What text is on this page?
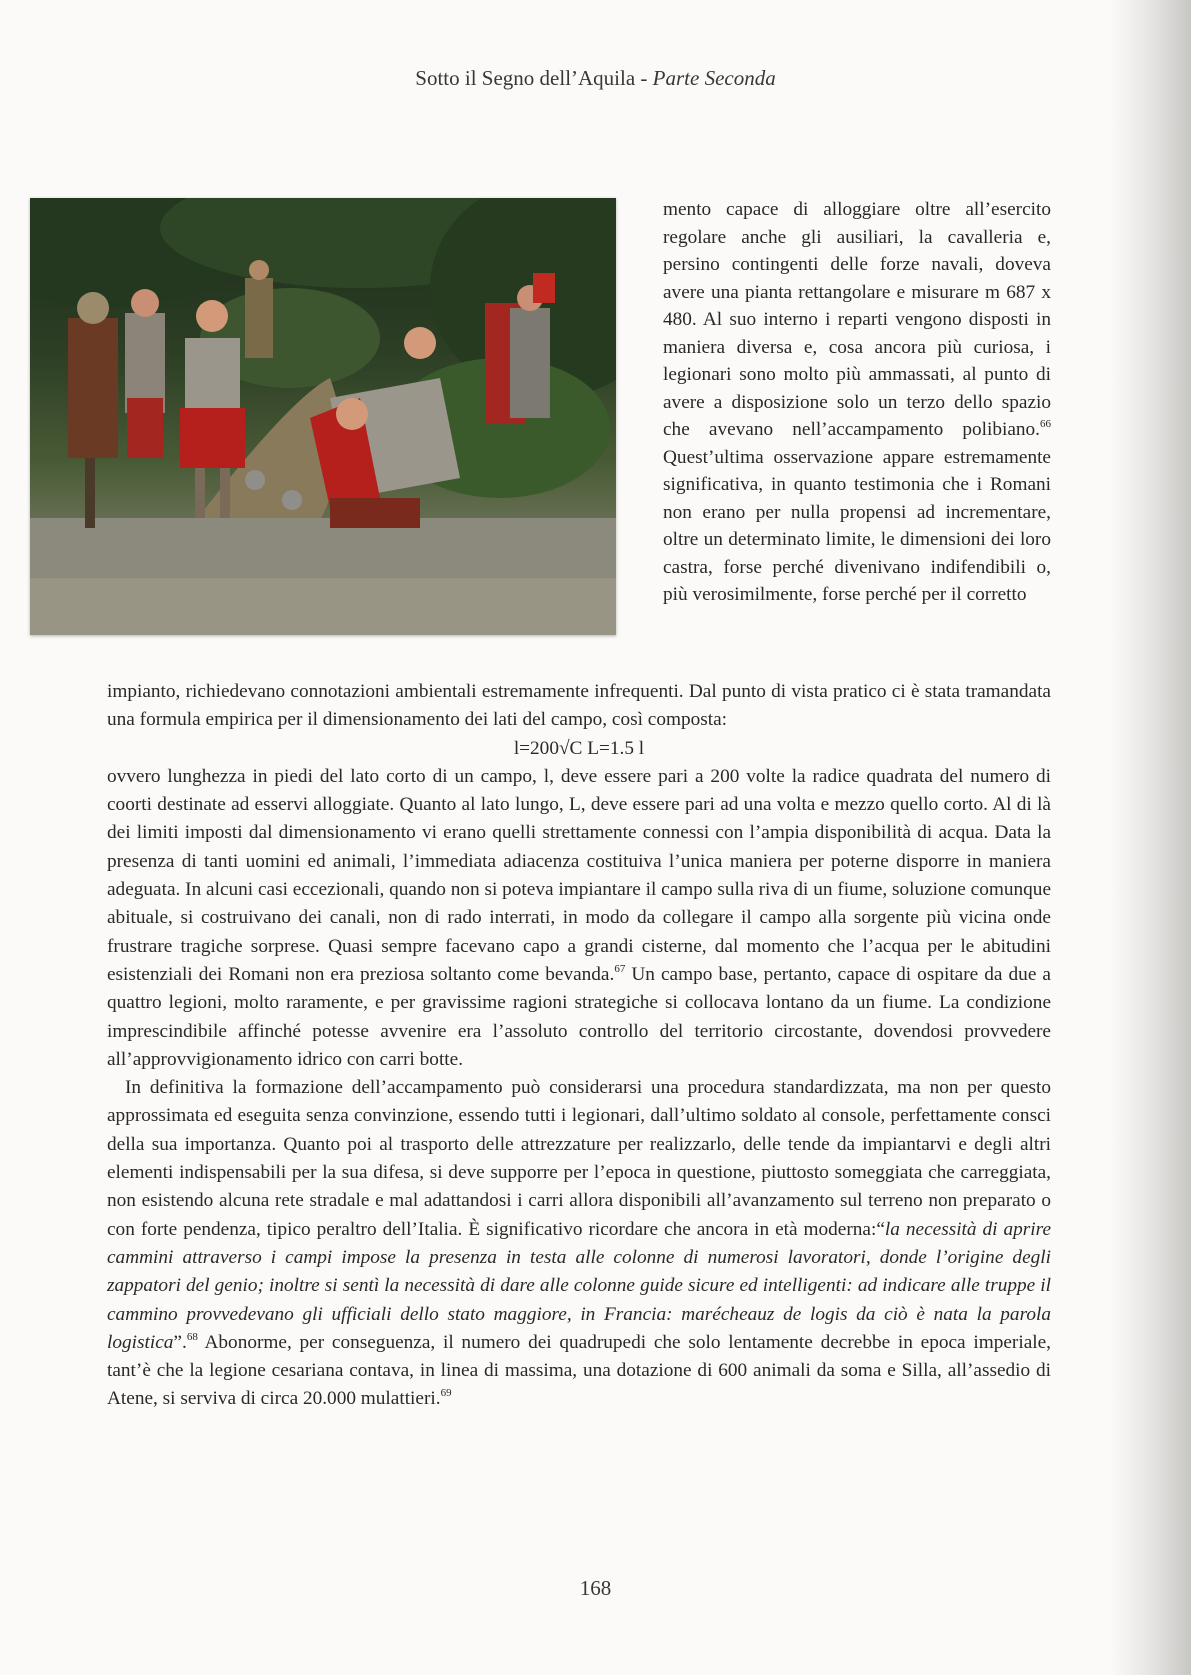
Sotto il Segno dell’Aquila - Parte Seconda
mento capace di alloggiare oltre all’esercito regolare anche gli ausiliari, la cavalleria e, persino contingenti delle forze navali, doveva avere una pianta rettangolare e misurare m 687 x 480. Al suo interno i reparti vengono disposti in maniera diversa e, cosa ancora più curiosa, i legionari sono molto più ammassati, al punto di avere a disposizione solo un terzo dello spazio che avevano nell’accampamento polibiano.$^{66}$ Quest’ultima osservazione appare estremamente significativa, in quanto testimonia che i Romani non erano per nulla propensi ad incrementare, oltre un determinato limite, le dimensioni dei loro castra, forse perché divenivano indifendibili o, più verosimilmente, forse perché per il corretto

impianto, richiedevano connotazioni ambientali estremamente infrequenti. Dal punto di vista pratico ci è stata tramandata una formula empirica per il dimensionamento dei lati del campo, così composta:

l=200√C L=1.5 l

ovvero lunghezza in piedi del lato corto di un campo, l, deve essere pari a 200 volte la radice quadrata del numero di coorti destinate ad esservi alloggiate. Quanto al lato lungo, L, deve essere pari ad una volta e mezzo quello corto. Al di là dei limiti imposti dal dimensionamento vi erano quelli strettamente connessi con l’ampia disponibilità di acqua. Data la presenza di tanti uomini ed animali, l’immediata adiacenza costituiva l’unica maniera per poterne disporre in maniera adeguata. In alcuni casi eccezionali, quando non si poteva impiantare il campo sulla riva di un fiume, soluzione comunque abituale, si costruivano dei canali, non di rado interrati, in modo da collegare il campo alla sorgente più vicina onde frustrare tragiche sorprese. Quasi sempre facevano capo a grandi cisterne, dal momento che l’acqua per le abitudini esistenziali dei Romani non era preziosa soltanto come bevanda.$^{67}$ Un campo base, pertanto, capace di ospitare da due a quattro legioni, molto raramente, e per gravissime ragioni strategiche si collocava lontano da un fiume. La condizione imprescindibile affinché potesse avvenire era l’assoluto controllo del territorio circostante, dovendosi provvedere all’approvvigionamento idrico con carri botte.

In definitiva la formazione dell’accampamento può considerarsi una procedura standardizzata, ma non per questo approssimata ed eseguita senza convinzione, essendo tutti i legionari, dall’ultimo soldato al console, perfettamente consci della sua importanza. Quanto poi al trasporto delle attrezzature per realizzarlo, delle tende da impiantarvi e degli altri elementi indispensabili per la sua difesa, si deve supporre per l’epoca in questione, piuttosto someggiata che carreggiata, non esistendo alcuna rete stradale e mal adattandosi i carri allora disponibili all’avanzamento sul terreno non preparato o con forte pendenza, tipico peraltro dell’Italia. È significativo ricordare che ancora in età moderna:“la necessità di aprire cammini attraverso i campi impose la presenza in testa alle colonne di numerosi lavoratori, donde l’origine degli zappatori del genio; inoltre si sentì la necessità di dare alle colonne guide sicure ed intelligenti: ad indicare alle truppe il cammino provvedevano gli ufficiali dello stato maggiore, in Francia: maréchеauz de logis da ciò è nata la parola logistica”.$^{68}$ Abonorme, per conseguenza, il numero dei quadrupedi che solo lentamente decrebbe in epoca imperiale, tant’è che la legione cesariana contava, in linea di massima, una dotazione di 600 animali da soma e Silla, all’assedio di Atene, si serviva di circa 20.000 mulattieri.$^{69}$

168
